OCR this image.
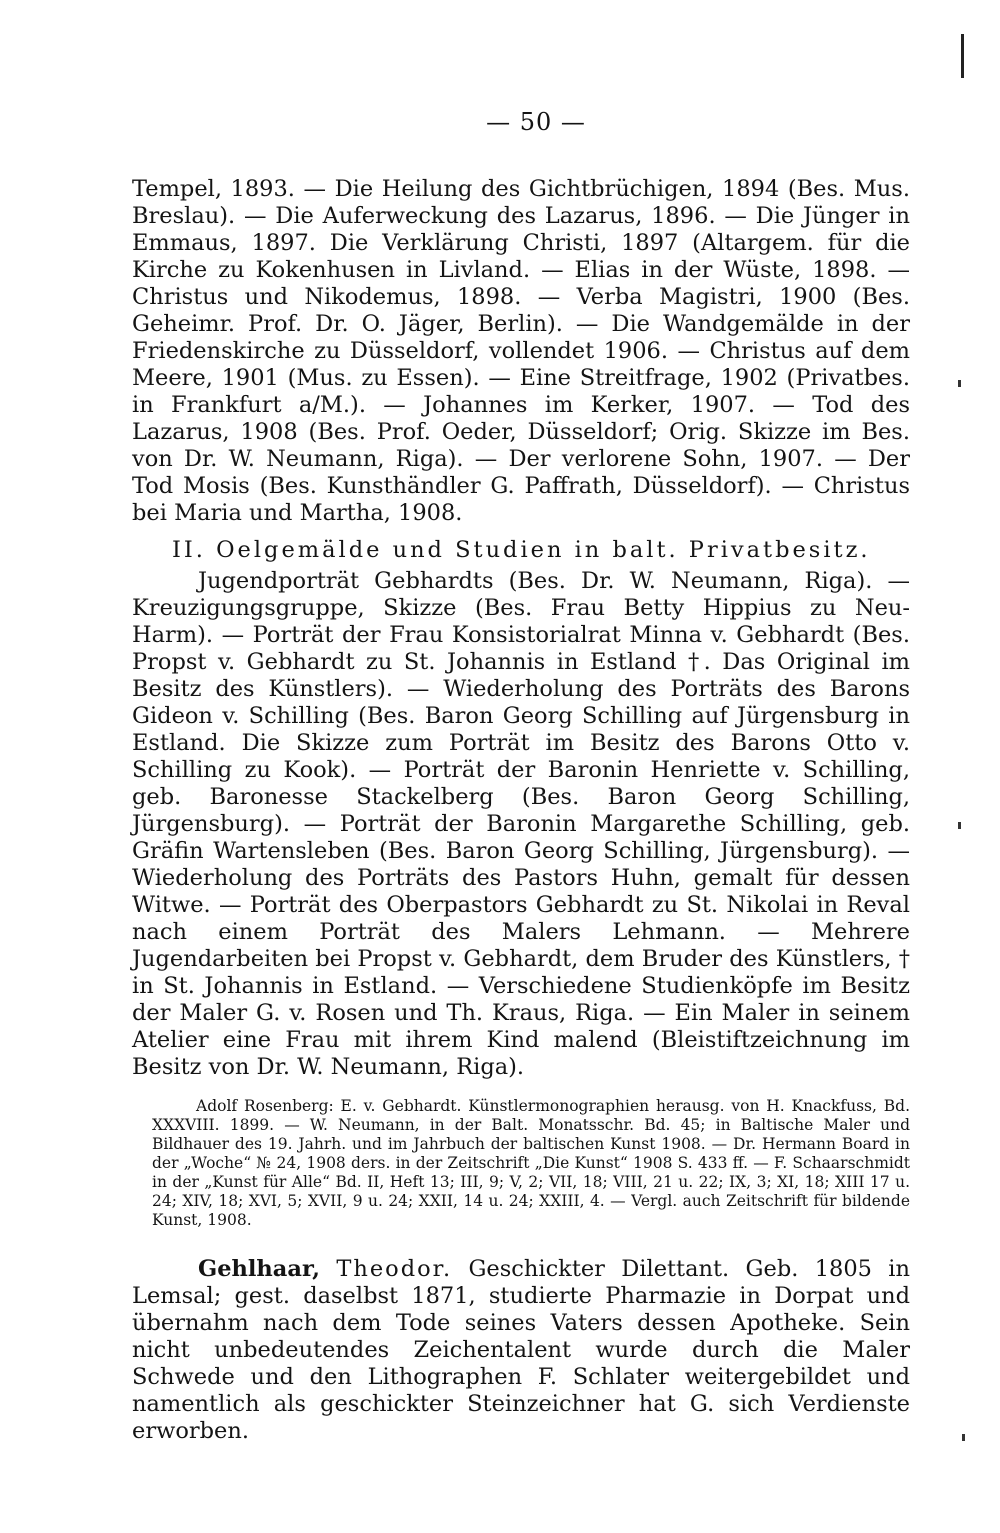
— 50 —

Tempel, 1893. — Die Heilung des Gichtbrüchigen, 1894 (Bes. Mus. Breslau). — Die Auferweckung des Lazarus, 1896. — Die Jünger in Emmaus, 1897. Die Verklärung Christi, 1897 (Altargem. für die Kirche zu Kokenhusen in Livland. — Elias in der Wüste, 1898. — Christus und Nikodemus, 1898. — Verba Magistri, 1900 (Bes. Geheimr. Prof. Dr. O. Jäger, Berlin). — Die Wandgemälde in der Friedenskirche zu Düsseldorf, vollendet 1906. — Christus auf dem Meere, 1901 (Mus. zu Essen). — Eine Streitfrage, 1902 (Privatbes. in Frankfurt a/M.). — Johannes im Kerker, 1907. — Tod des Lazarus, 1908 (Bes. Prof. Oeder, Düsseldorf; Orig. Skizze im Bes. von Dr. W. Neumann, Riga). — Der verlorene Sohn, 1907. — Der Tod Mosis (Bes. Kunsthändler G. Paffrath, Düsseldorf). — Christus bei Maria und Martha, 1908.

II. Oelgemälde und Studien in balt. Privatbesitz.

Jugendporträt Gebhardts (Bes. Dr. W. Neumann, Riga). — Kreuzigungsgruppe, Skizze (Bes. Frau Betty Hippius zu Neu-Harm). — Porträt der Frau Konsistorialrat Minna v. Gebhardt (Bes. Propst v. Gebhardt zu St. Johannis in Estland †. Das Original im Besitz des Künstlers). — Wiederholung des Porträts des Barons Gideon v. Schilling (Bes. Baron Georg Schilling auf Jürgensburg in Estland. Die Skizze zum Porträt im Besitz des Barons Otto v. Schilling zu Kook). — Porträt der Baronin Henriette v. Schilling, geb. Baronesse Stackelberg (Bes. Baron Georg Schilling, Jürgensburg). — Porträt der Baronin Margarethe Schilling, geb. Gräfin Wartensleben (Bes. Baron Georg Schilling, Jürgensburg). — Wiederholung des Porträts des Pastors Huhn, gemalt für dessen Witwe. — Porträt des Oberpastors Gebhardt zu St. Nikolai in Reval nach einem Porträt des Malers Lehmann. — Mehrere Jugendarbeiten bei Propst v. Gebhardt, dem Bruder des Künstlers, † in St. Johannis in Estland. — Verschiedene Studienköpfe im Besitz der Maler G. v. Rosen und Th. Kraus, Riga. — Ein Maler in seinem Atelier eine Frau mit ihrem Kind malend (Bleistiftzeichnung im Besitz von Dr. W. Neumann, Riga).

Adolf Rosenberg: E. v. Gebhardt. Künstlermonographien herausg. von H. Knackfuss, Bd. XXXVIII. 1899. — W. Neumann, in der Balt. Monatsschr. Bd. 45; in Baltische Maler und Bildhauer des 19. Jahrh. und im Jahrbuch der baltischen Kunst 1908. — Dr. Hermann Board in der „Woche“ № 24, 1908 ders. in der Zeitschrift „Die Kunst“ 1908 S. 433 ff. — F. Schaarschmidt in der „Kunst für Alle“ Bd. II, Heft 13; III, 9; V, 2; VII, 18; VIII, 21 u. 22; IX, 3; XI, 18; XIII 17 u. 24; XIV, 18; XVI, 5; XVII, 9 u. 24; XXII, 14 u. 24; XXIII, 4. — Vergl. auch Zeitschrift für bildende Kunst, 1908.

Gehlhaar, Theodor. Geschickter Dilettant. Geb. 1805 in Lemsal; gest. daselbst 1871, studierte Pharmazie in Dorpat und übernahm nach dem Tode seines Vaters dessen Apotheke. Sein nicht unbedeutendes Zeichentalent wurde durch die Maler Schwede und den Lithographen F. Schlater weitergebildet und namentlich als geschickter Steinzeichner hat G. sich Verdienste erworben.
